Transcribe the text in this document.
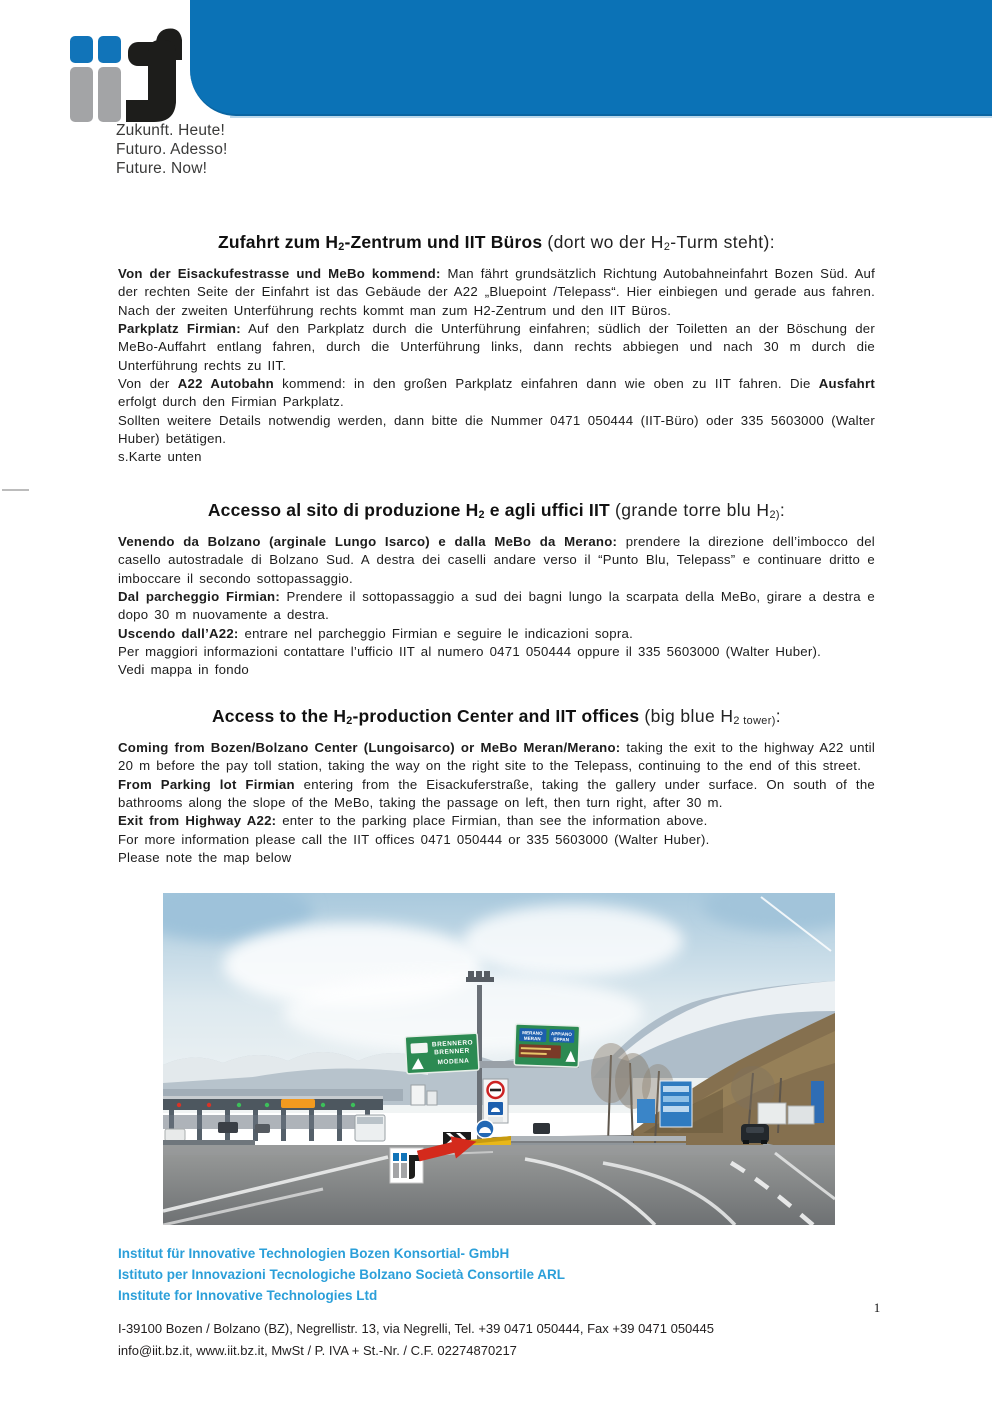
Zukunft. Heute!
Futuro. Adesso!
Future. Now!
Zufahrt zum $H_2$-Zentrum und IIT Büros (dort wo der $H_2$-Turm steht):

Von der Eisackufestrasse und MeBo kommend: Man fährt grundsätzlich Richtung Autobahneinfahrt Bozen Süd. Auf der rechten Seite der Einfahrt ist das Gebäude der A22 „Bluepoint /Telepass“. Hier einbiegen und gerade aus fahren. Nach der zweiten Unterführung rechts kommt man zum H2-Zentrum und den IIT Büros.

Parkplatz Firmian: Auf den Parkplatz durch die Unterführung einfahren; südlich der Toiletten an der Böschung der MeBo-Auffahrt entlang fahren, durch die Unterführung links, dann rechts abbiegen und nach 30 m durch die Unterführung rechts zu IIT.

Von der A22 Autobahn kommend: in den großen Parkplatz einfahren dann wie oben zu IIT fahren. Die Ausfahrt erfolgt durch den Firmian Parkplatz.

Sollten weitere Details notwendig werden, dann bitte die Nummer 0471 050444 (IIT-Büro) oder 335 5603000 (Walter Huber) betätigen.

s.Karte unten

Accesso al sito di produzione $H_2$ e agli uffici IIT (grande torre blu $H_{2)}$:

Venendo da Bolzano (arginale Lungo Isarco) e dalla MeBo da Merano: prendere la direzione dell’imbocco del casello autostradale di Bolzano Sud. A destra dei caselli andare verso il “Punto Blu, Telepass” e continuare dritto e imboccare il secondo sottopassaggio.

Dal parcheggio Firmian: Prendere il sottopassaggio a sud dei bagni lungo la scarpata della MeBo, girare a destra e dopo 30 m nuovamente a destra.

Uscendo dall’A22: entrare nel parcheggio Firmian e seguire le indicazioni sopra.

Per maggiori informazioni contattare l’ufficio IIT al numero 0471 050444 oppure il 335 5603000 (Walter Huber).

Vedi mappa in fondo

Access to the $H_2$-production Center and IIT offices (big blue $H_{2 tower)}$:

Coming from Bozen/Bolzano Center (Lungoisarco) or MeBo Meran/Merano: taking the exit to the highway A22 until 20 m before the pay toll station, taking the way on the right site to the Telepass, continuing to the end of this street.

From Parking lot Firmian entering from the Eisackuferstraße, taking the gallery under surface. On south of the bathrooms along the slope of the MeBo, taking the passage on left, then turn right, after 30 m.

Exit from Highway A22: enter to the parking place Firmian, than see the information above.

For more information please call the IIT offices 0471 050444 or 335 5603000 (Walter Huber).

Please note the map below

BRENNERO
BRENNER
MODENA
MERANO
MERAN
APPIANO
EPPAN
Institut für Innovative Technologien Bozen Konsortial- GmbH
Istituto per Innovazioni Tecnologiche Bolzano Società Consortile ARL
Institute for Innovative Technologies Ltd
1
I-39100 Bozen / Bolzano (BZ), Negrellistr. 13, via Negrelli, Tel. +39 0471 050444, Fax +39 0471 050445
info@iit.bz.it, www.iit.bz.it, MwSt / P. IVA + St.-Nr. / C.F. 02274870217
